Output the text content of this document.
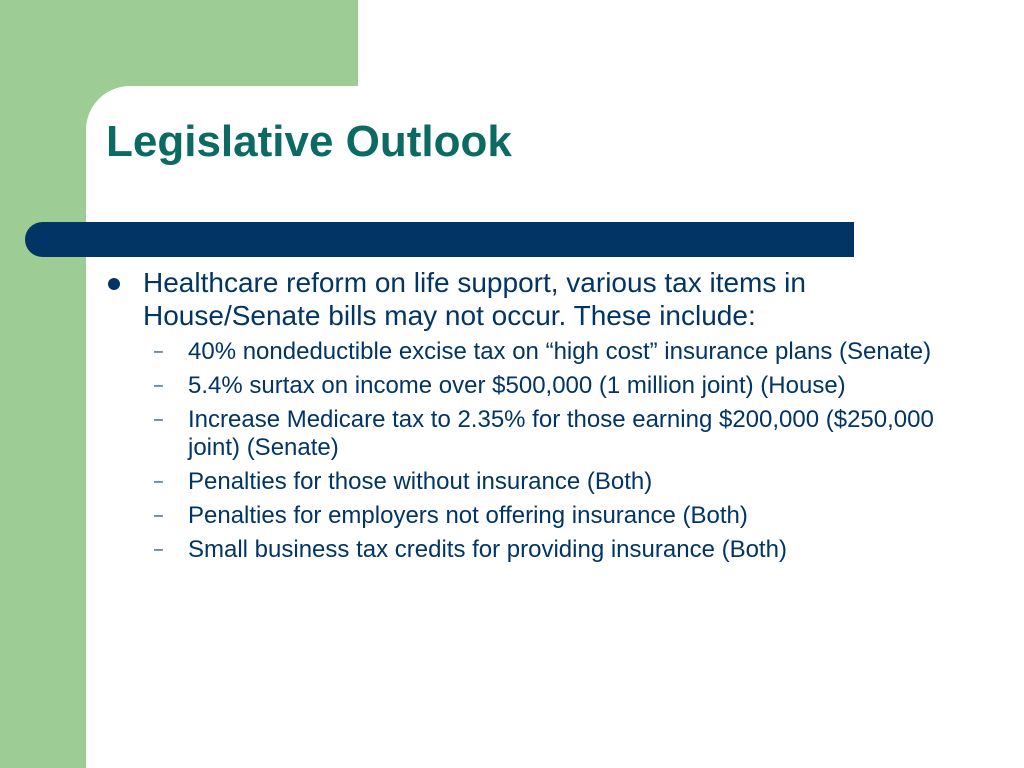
Legislative Outlook
Healthcare reform on life support, various tax items in House/Senate bills may not occur. These include:
– 40% nondeductible excise tax on “high cost” insurance plans (Senate)
– 5.4% surtax on income over $500,000 (1 million joint) (House)
– Increase Medicare tax to 2.35% for those earning $200,000 ($250,000 joint) (Senate)
– Penalties for those without insurance (Both)
– Penalties for employers not offering insurance (Both)
– Small business tax credits for providing insurance (Both)
